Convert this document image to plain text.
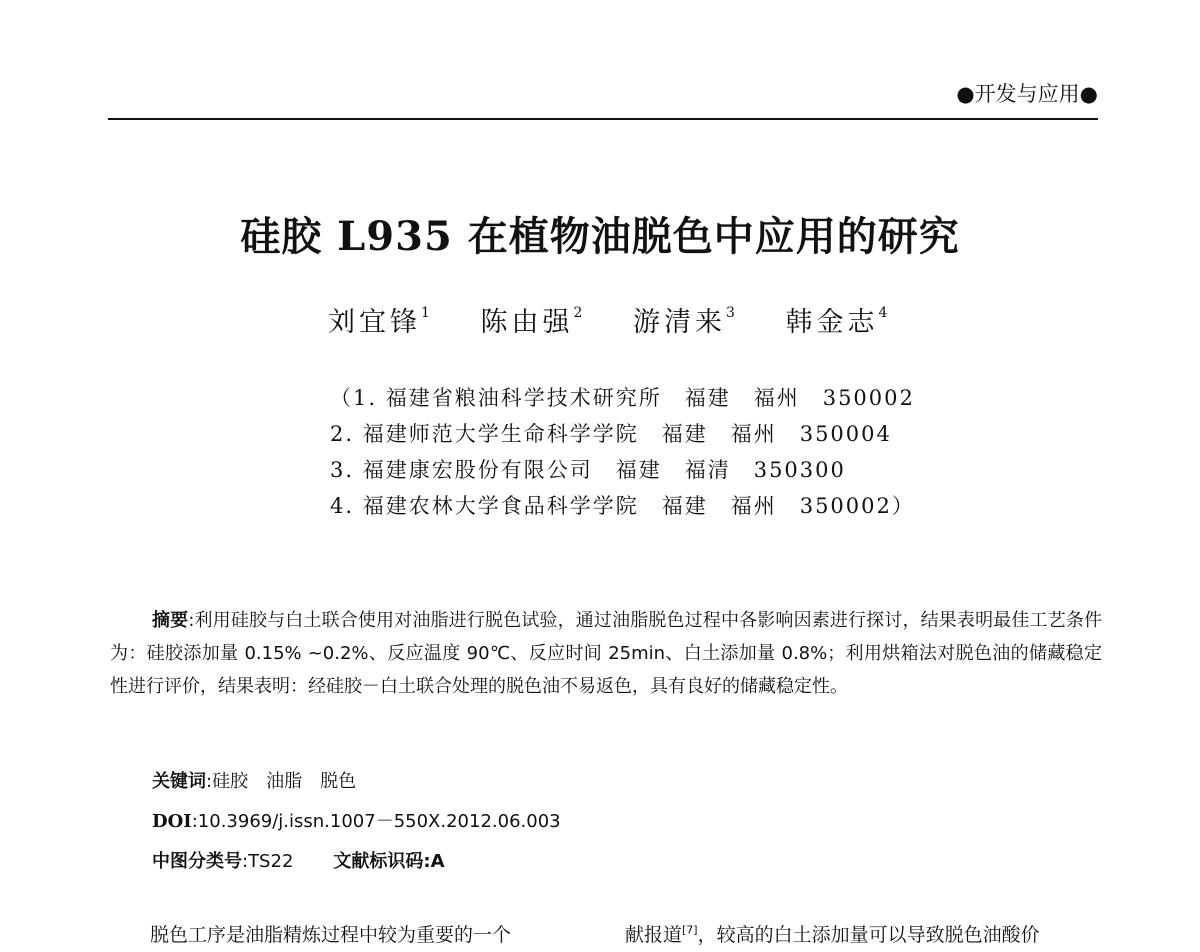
●开发与应用●
硅胶 L935 在植物油脱色中应用的研究
刘宜锋$^1$ 陈由强$^2$ 游清来$^3$ 韩金志$^4$
（1. 福建省粮油科学技术研究所　福建　福州　350002
2. 福建师范大学生命科学学院　福建　福州　350004
3. 福建康宏股份有限公司　福建　福清　350300
4. 福建农林大学食品科学学院　福建　福州　350002）
摘要:利用硅胶与白土联合使用对油脂进行脱色试验，通过油脂脱色过程中各影响因素进行探讨，结果表明最佳工艺条件为：硅胶添加量 0.15% ~0.2%、反应温度 90℃、反应时间 25min、白土添加量 0.8%；利用烘箱法对脱色油的储藏稳定性进行评价，结果表明：经硅胶－白土联合处理的脱色油不易返色，具有良好的储藏稳定性。
关键词:硅胶 油脂 脱色
DOI:10.3969/j.issn.1007－550X.2012.06.003
中图分类号:TS22 文献标识码:A
脱色工序是油脂精炼过程中较为重要的一个	献报道[7]，较高的白土添加量可以导致脱色油酸价
